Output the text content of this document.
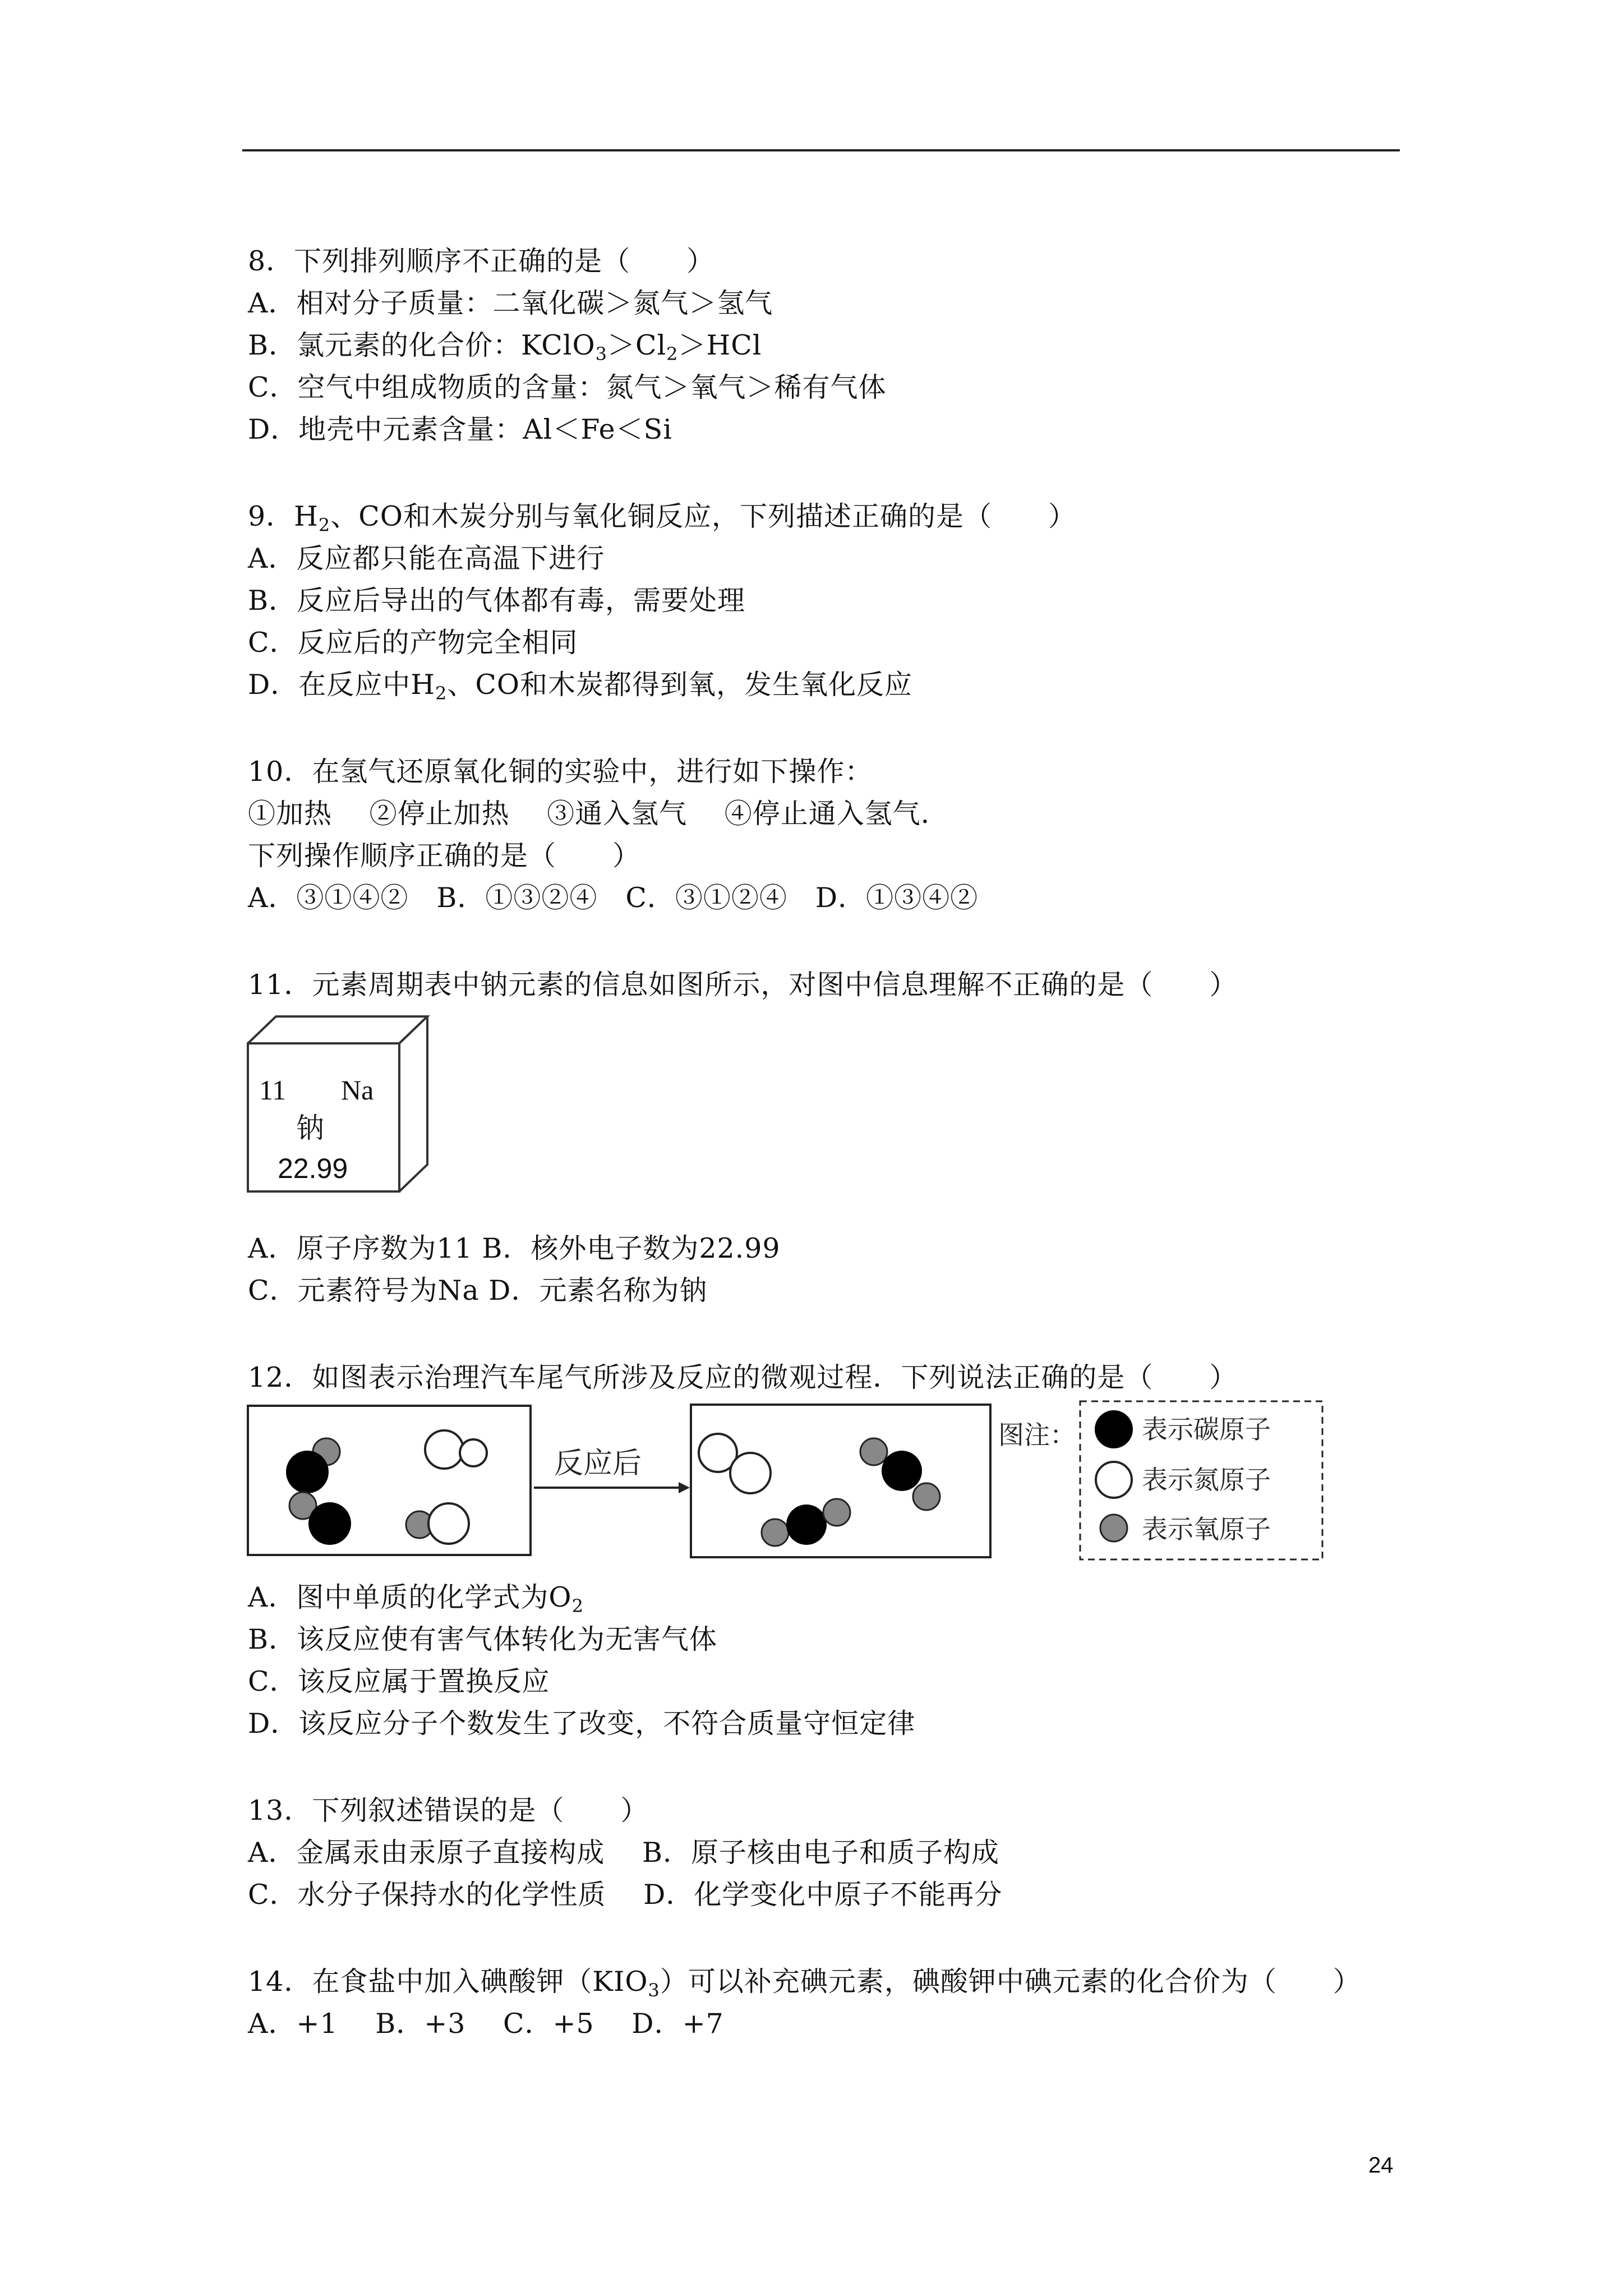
8．下列排列顺序不正确的是（　　）
A．相对分子质量：二氧化碳＞氮气＞氢气
B．氯元素的化合价：$KClO_3>Cl_2>HCl$
C．空气中组成物质的含量：氮气＞氧气＞稀有气体
D．地壳中元素含量：Al＜Fe＜Si
9．$H_2$、CO和木炭分别与氧化铜反应，下列描述正确的是（　　）
A．反应都只能在高温下进行
B．反应后导出的气体都有毒，需要处理
C．反应后的产物完全相同
D．在反应中$H_2$、CO和木炭都得到氧，发生氧化反应
10．在氢气还原氧化铜的实验中，进行如下操作：
①加热　 ②停止加热　 ③通入氢气　 ④停止通入氢气．
下列操作顺序正确的是（　　）
A．③①④②　B．①③②④　C．③①②④　D．①③④②
11．元素周期表中钠元素的信息如图所示，对图中信息理解不正确的是（　　）
11 Na
钠
22.99
A．原子序数为11 B．核外电子数为22.99
C．元素符号为Na D．元素名称为钠
12．如图表示治理汽车尾气所涉及反应的微观过程．下列说法正确的是（　　）
反应后
图注：	表示碳原子
表示氮原子
表示氧原子
A．图中单质的化学式为$O_2$
B．该反应使有害气体转化为无害气体
C．该反应属于置换反应
D．该反应分子个数发生了改变，不符合质量守恒定律
13．下列叙述错误的是（　　）
A．金属汞由汞原子直接构成　 B．原子核由电子和质子构成
C．水分子保持水的化学性质　 D．化学变化中原子不能再分
14．在食盐中加入碘酸钾$(KIO_3)$可以补充碘元素，碘酸钾中碘元素的化合价为（　　）
A．+1　 B．+3　 C．+5　 D．+7
24
